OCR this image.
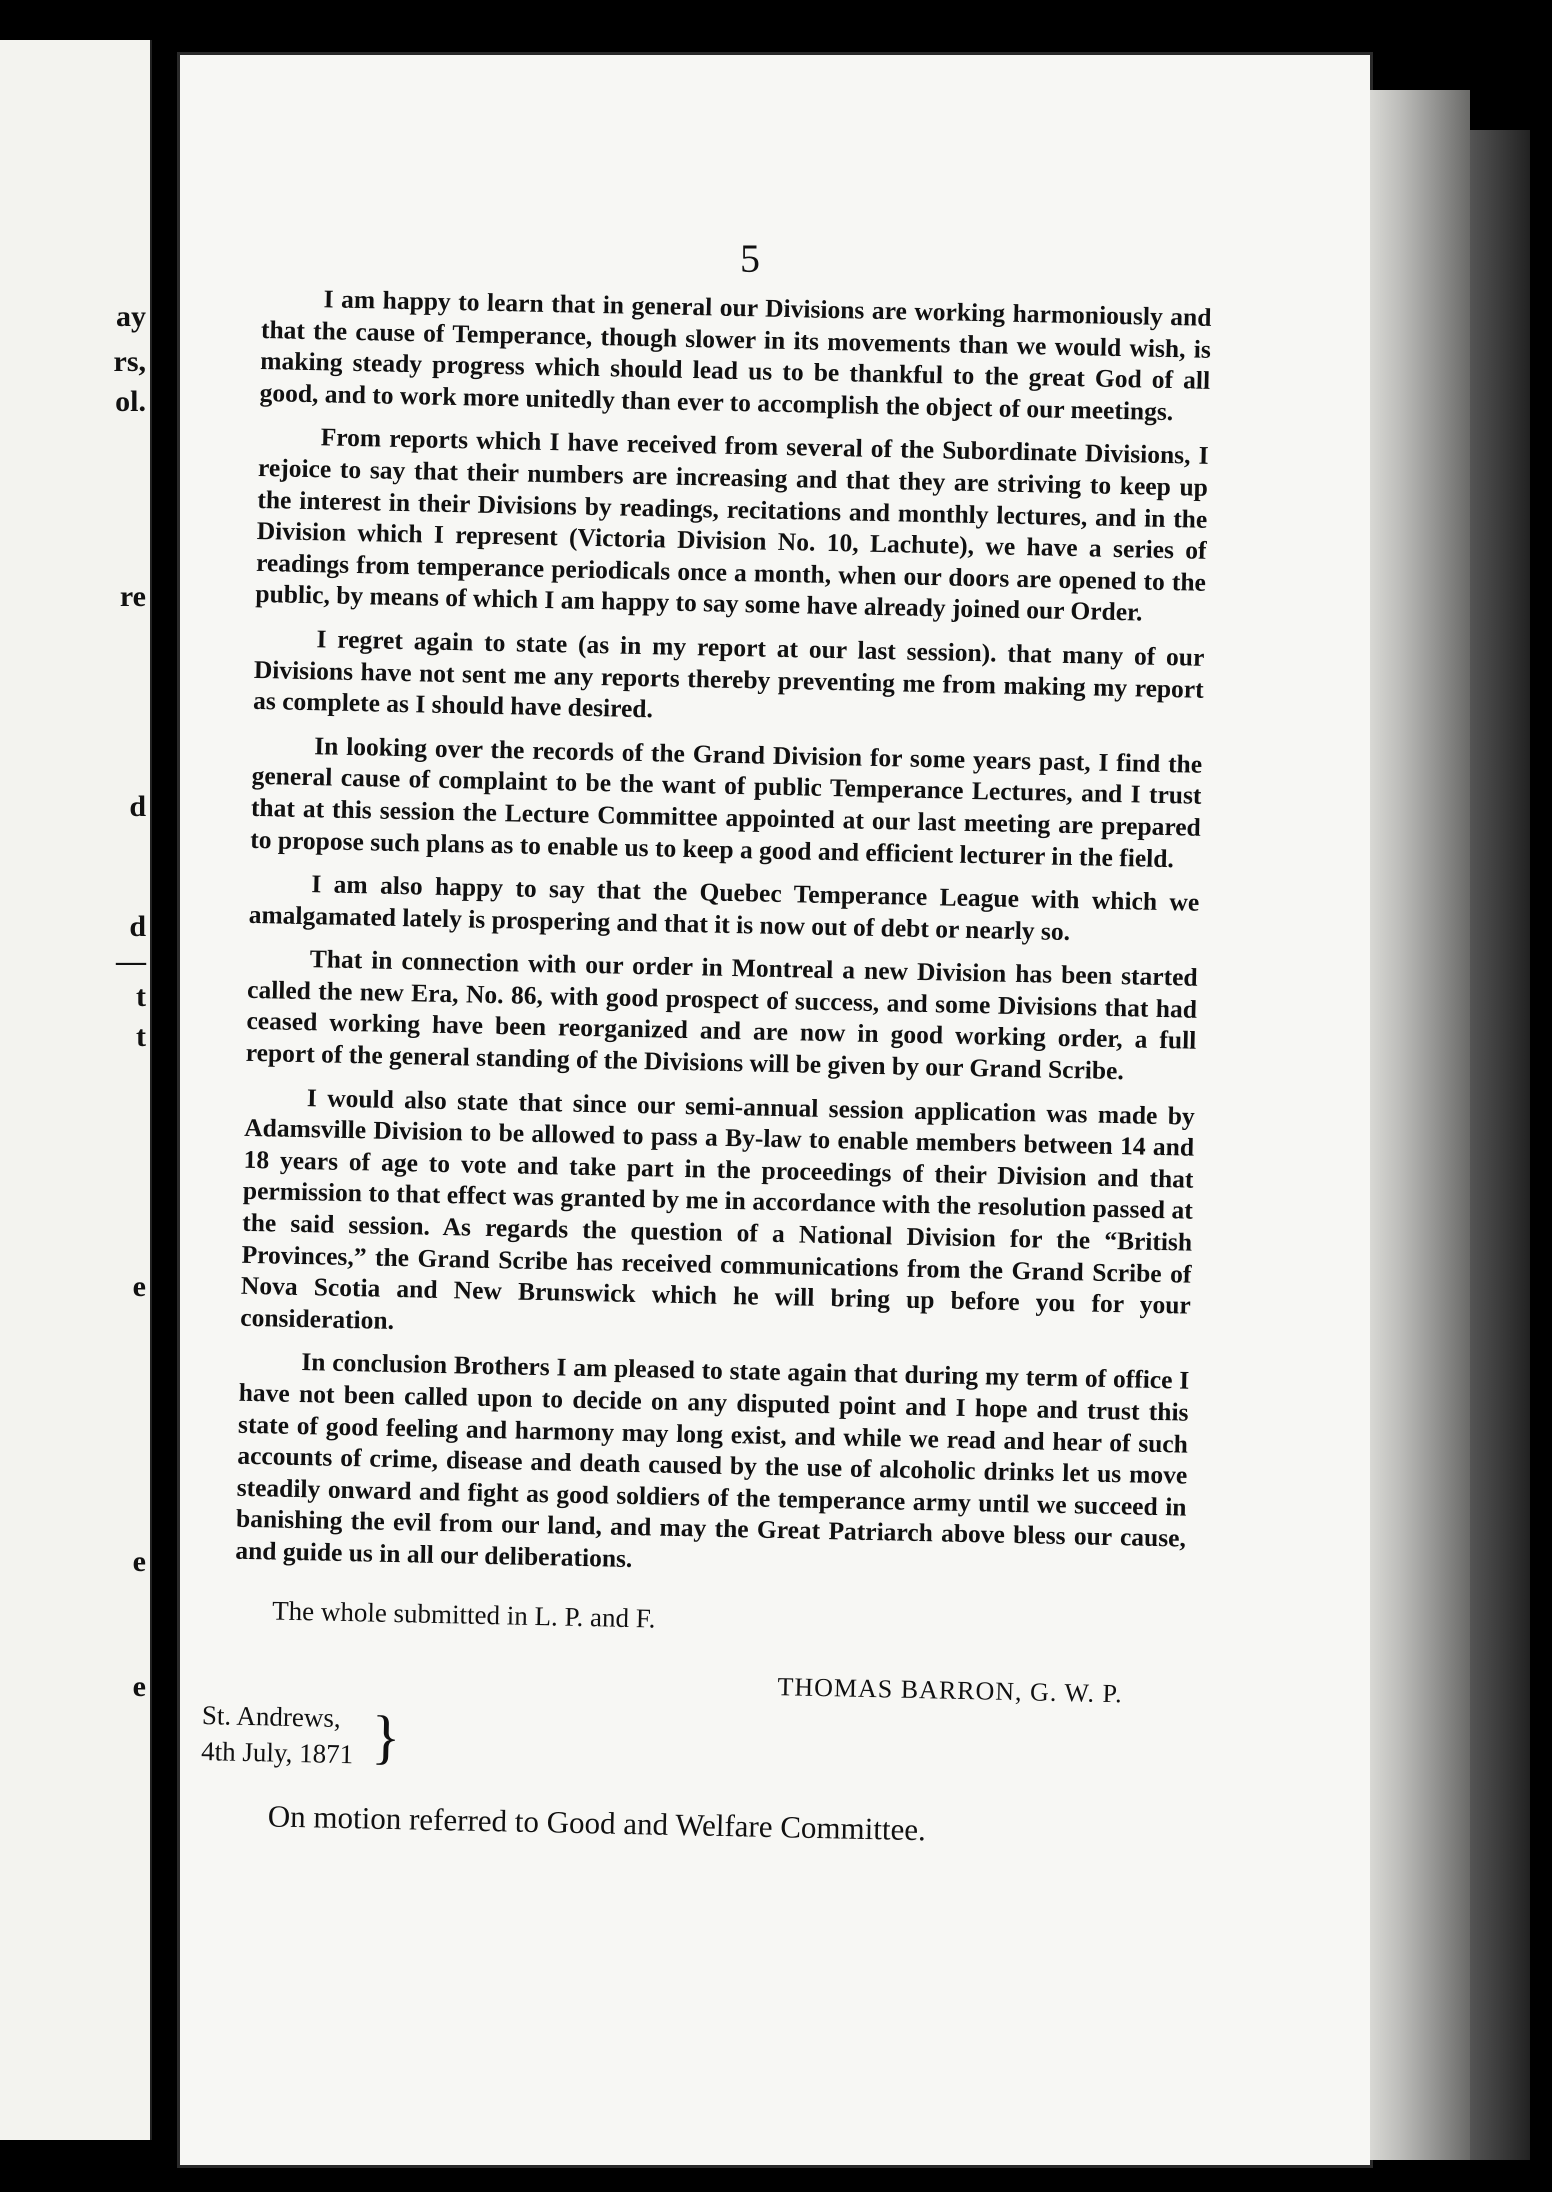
ay
rs,
ol.
re
d
d
—
t
t
e
e
e
5

I am happy to learn that in general our Divisions are working harmoniously and that the cause of Temperance, though slower in its movements than we would wish, is making steady progress which should lead us to be thankful to the great God of all good, and to work more unitedly than ever to accomplish the object of our meetings.

From reports which I have received from several of the Subordinate Divisions, I rejoice to say that their numbers are increasing and that they are striving to keep up the interest in their Divisions by readings, recitations and monthly lectures, and in the Division which I represent (Victoria Division No. 10, Lachute), we have a series of readings from temperance periodicals once a month, when our doors are opened to the public, by means of which I am happy to say some have already joined our Order.

I regret again to state (as in my report at our last session). that many of our Divisions have not sent me any reports thereby preventing me from making my report as complete as I should have desired.

In looking over the records of the Grand Division for some years past, I find the general cause of complaint to be the want of public Temperance Lectures, and I trust that at this session the Lecture Committee appointed at our last meeting are prepared to propose such plans as to enable us to keep a good and efficient lecturer in the field.

I am also happy to say that the Quebec Temperance League with which we amalgamated lately is prospering and that it is now out of debt or nearly so.

That in connection with our order in Montreal a new Division has been started called the new Era, No. 86, with good prospect of success, and some Divisions that had ceased working have been reorganized and are now in good working order, a full report of the general standing of the Divisions will be given by our Grand Scribe.

I would also state that since our semi-annual session application was made by Adamsville Division to be allowed to pass a By-law to enable members between 14 and 18 years of age to vote and take part in the proceedings of their Division and that permission to that effect was granted by me in accordance with the resolution passed at the said session. As regards the question of a National Division for the “British Provinces,” the Grand Scribe has received communications from the Grand Scribe of Nova Scotia and New Brunswick which he will bring up before you for your consideration.

In conclusion Brothers I am pleased to state again that during my term of office I have not been called upon to decide on any disputed point and I hope and trust this state of good feeling and harmony may long exist, and while we read and hear of such accounts of crime, disease and death caused by the use of alcoholic drinks let us move steadily onward and fight as good soldiers of the temperance army until we succeed in banishing the evil from our land, and may the Great Patriarch above bless our cause, and guide us in all our deliberations.

The whole submitted in L. P. and F.
THOMAS BARRON, G. W. P.
St. Andrews,
4th July, 1871 }
On motion referred to Good and Welfare Committee.
